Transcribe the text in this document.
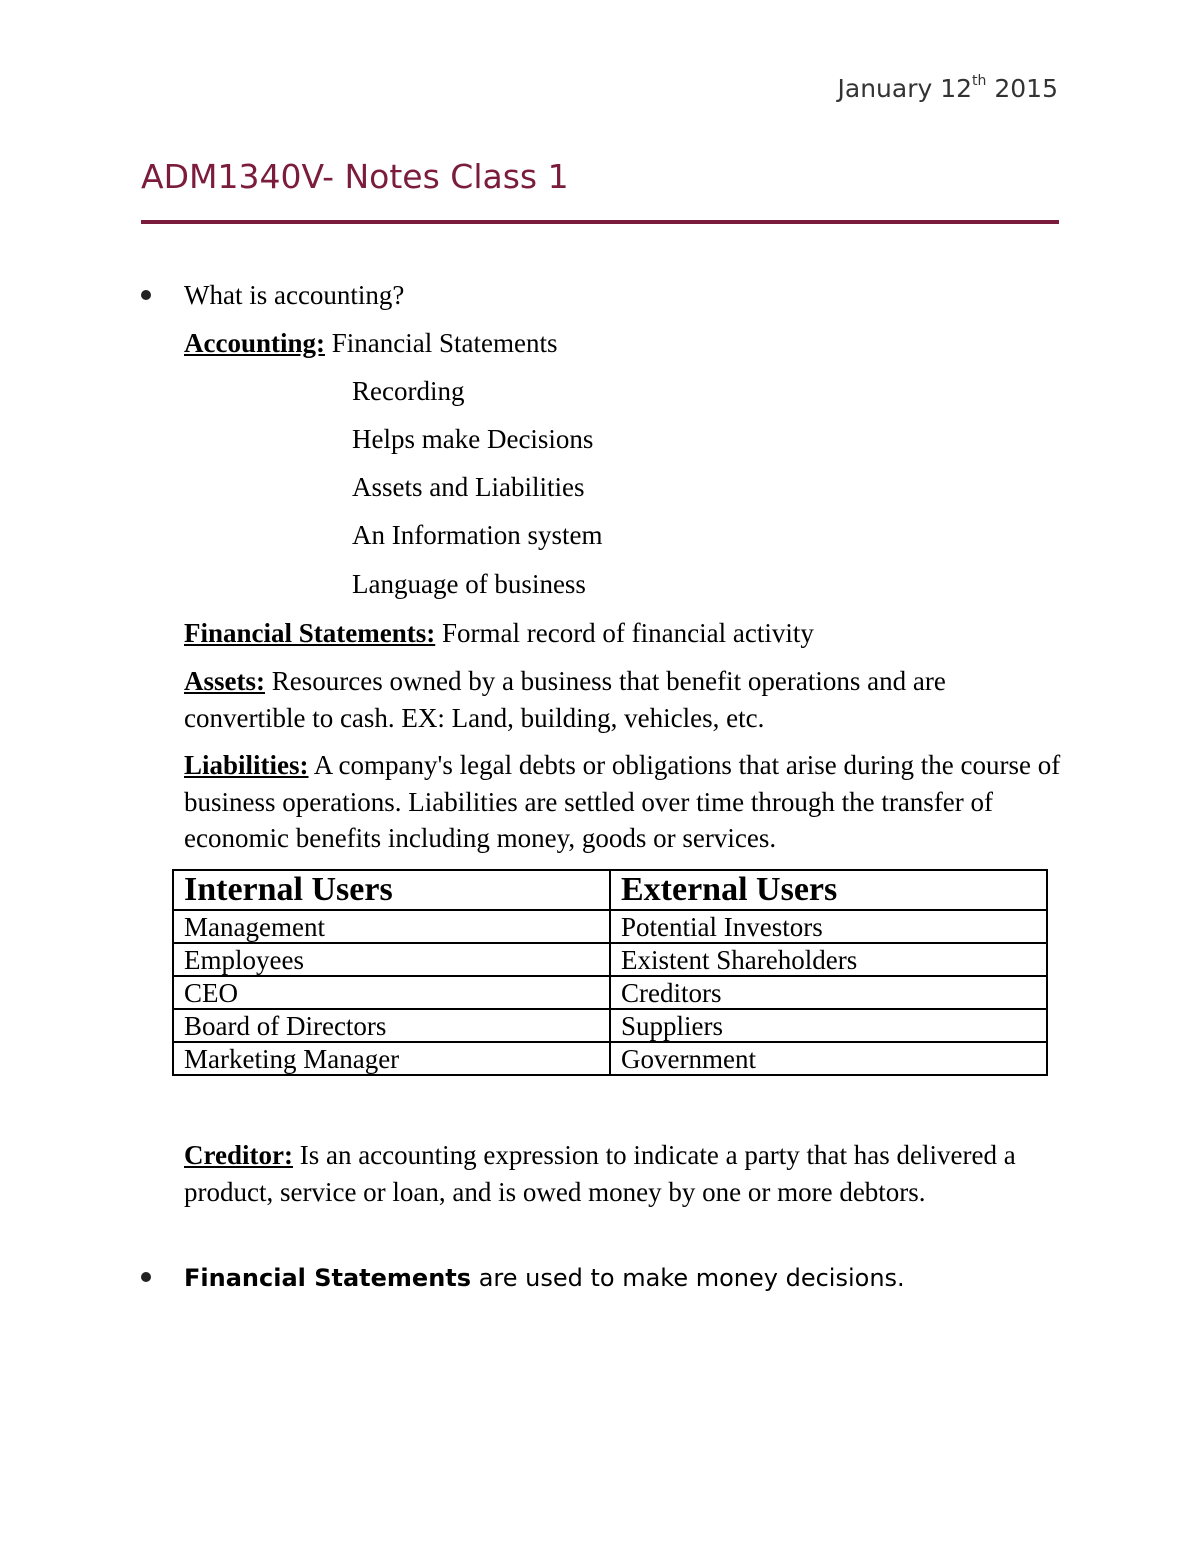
January 12th 2015
ADM1340V- Notes Class 1
What is accounting?
Accounting: Financial Statements
Recording
Helps make Decisions
Assets and Liabilities
An Information system
Language of business
Financial Statements: Formal record of financial activity
Assets: Resources owned by a business that benefit operations and are convertible to cash. EX: Land, building, vehicles, etc.
Liabilities: A company's legal debts or obligations that arise during the course of business operations. Liabilities are settled over time through the transfer of economic benefits including money, goods or services.
Internal Users	External Users
Management	Potential Investors
Employees	Existent Shareholders
CEO	Creditors
Board of Directors	Suppliers
Marketing Manager	Government
Creditor: Is an accounting expression to indicate a party that has delivered a product, service or loan, and is owed money by one or more debtors.
Financial Statements are used to make money decisions.
